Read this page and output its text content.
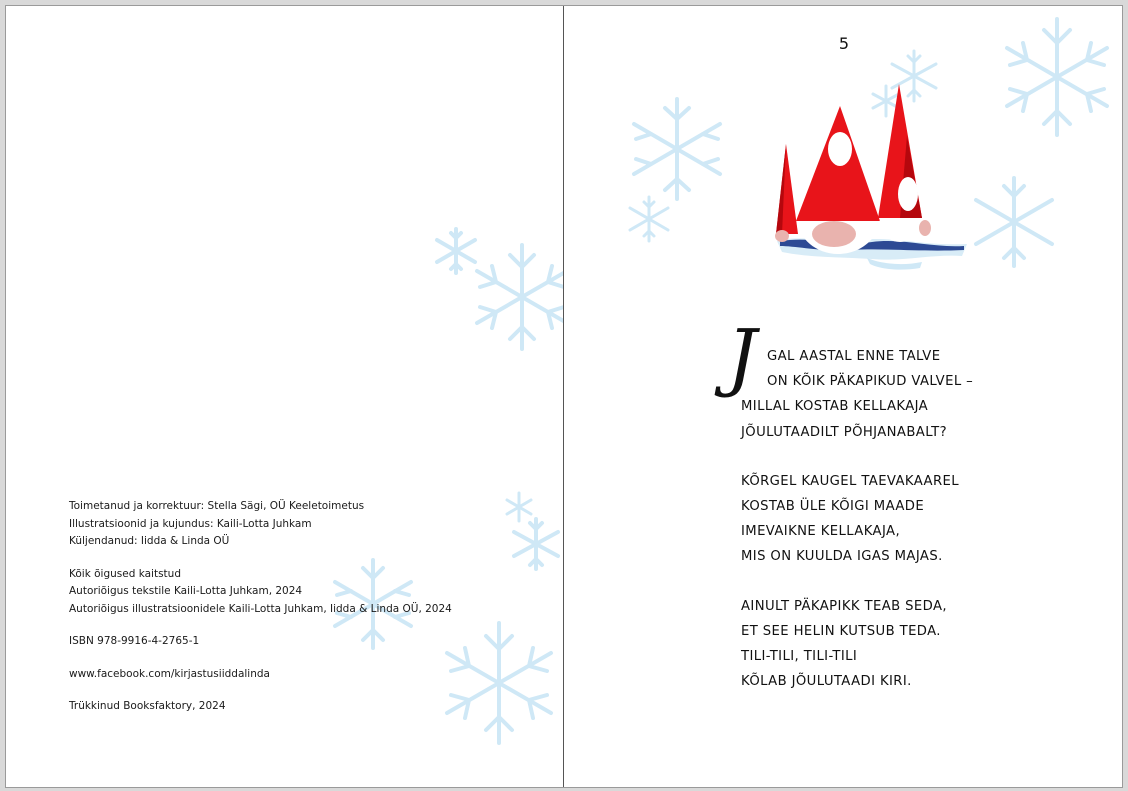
Toimetanud ja korrektuur: Stella Sägi, OÜ Keeletoimetus
Illustratsioonid ja kujundus: Kaili-Lotta Juhkam
Küljendanud: Iidda & Linda OÜ
Kõik õigused kaitstud
Autoriõigus tekstile Kaili-Lotta Juhkam, 2024
Autoriõigus illustratsioonidele Kaili-Lotta Juhkam, Iidda & Linda OÜ, 2024
ISBN 978-9916-4-2765-1
www.facebook.com/kirjastusiiddalinda
Trükkinud Booksfaktory, 2024
5
J GAL AASTAL ENNE TALVE
ON KÕIK PÄKAPIKUD VALVEL –
MILLAL KOSTAB KELLAKAJA
JÕULUTAADILT PÕHJANABALT?
KÕRGEL KAUGEL TAEVAKAAREL
KOSTAB ÜLE KÕIGI MAADE
IMEVAIKNE KELLAKAJA,
MIS ON KUULDA IGAS MAJAS.
AINULT PÄKAPIKK TEAB SEDA,
ET SEE HELIN KUTSUB TEDA.
TILI-TILI, TILI-TILI
KÕLAB JÕULUTAADI KIRI.
